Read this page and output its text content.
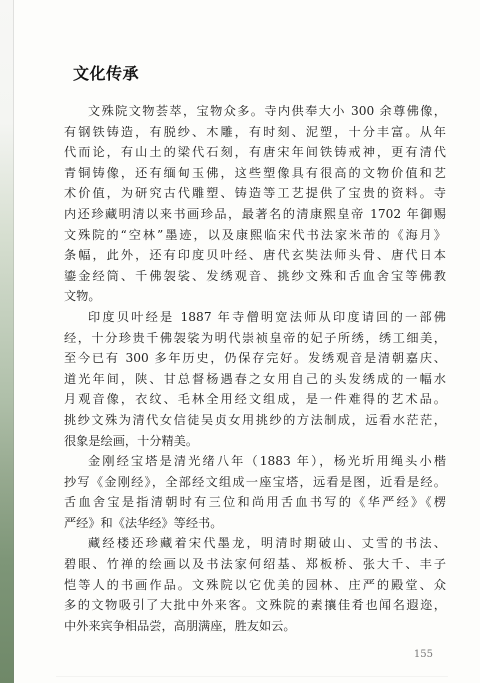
文化传承
文殊院文物荟萃，宝物众多。寺内供奉大小 300 余尊佛像，
有钢铁铸造，有脱纱、木雕，有时刻、泥塑，十分丰富。从年
代而论，有山土的梁代石刻，有唐宋年间铁铸戒神，更有清代
青铜铸像，还有缅甸玉佛，这些塑像具有很高的文物价值和艺
术价值，为研究古代雕塑、铸造等工艺提供了宝贵的资料。寺
内还珍藏明清以来书画珍品，最著名的清康熙皇帝 1702 年御赐
文殊院的“空林”墨迹，以及康熙临宋代书法家米芾的《海月》
条幅，此外，还有印度贝叶经、唐代玄奘法师头骨、唐代日本
鎏金经筒、千佛袈裟、发绣观音、挑纱文殊和舌血舍宝等佛教
文物。
印度贝叶经是 1887 年寺僧明宽法师从印度请回的一部佛
经，十分珍贵千佛袈裟为明代崇祯皇帝的妃子所绣，绣工细美，
至今已有 300 多年历史，仍保存完好。发绣观音是清朝嘉庆、
道光年间，陕、甘总督杨遇春之女用自己的头发绣成的一幅水
月观音像，衣纹、毛林全用经文组成，是一件难得的艺术品。
挑纱文殊为清代女信徒吴贞女用挑纱的方法制成，远看水茫茫，
很象是绘画，十分精美。
金刚经宝塔是清光绪八年（1883 年），杨光圻用绳头小楷
抄写《金刚经》，全部经文组成一座宝塔，远看是图，近看是经。
舌血舍宝是指清朝时有三位和尚用舌血书写的《华严经》《楞
严经》和《法华经》等经书。
藏经楼还珍藏着宋代墨龙，明清时期破山、丈雪的书法、
碧眼、竹禅的绘画以及书法家何绍基、郑板桥、张大千、丰子
恺等人的书画作品。文殊院以它优美的园林、庄严的殿堂、众
多的文物吸引了大批中外来客。文殊院的素攘佳肴也闻名遐迩，
中外来宾争相品尝，高朋满座，胜友如云。
155
